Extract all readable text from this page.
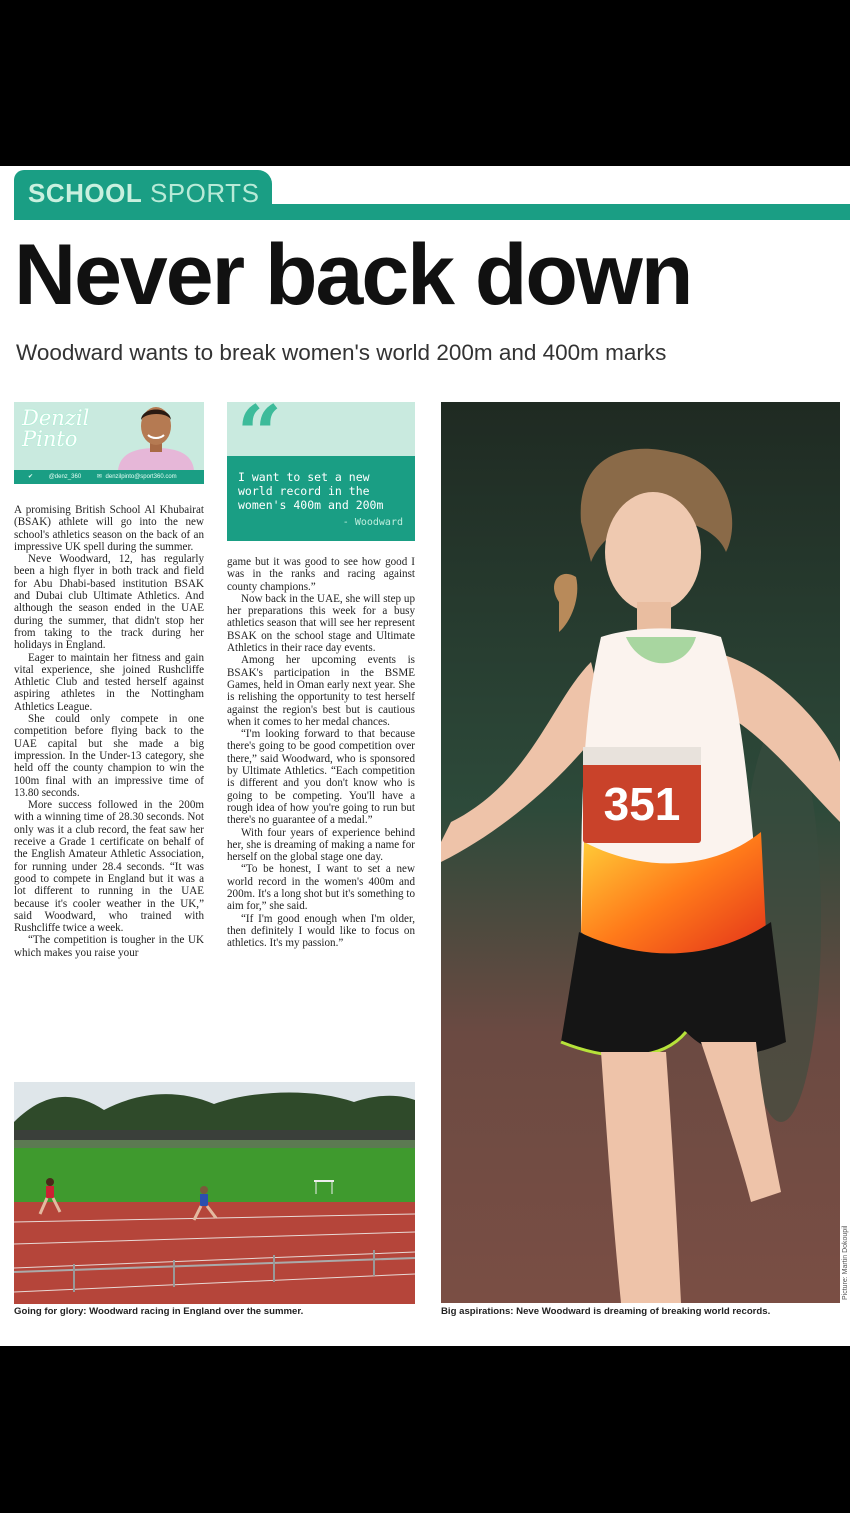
SCHOOL SPORTS
Never back down
Woodward wants to break women's world 200m and 400m marks
Denzil
Pinto
✔	@denz_360	✉ denzilpinto@sport360.com “
I want to set a new world record in the women's 400m and 200m
- Woodward

A promising British School Al Khubairat (BSAK) athlete will go into the new school's athletics season on the back of an impressive UK spell during the summer.

Neve Woodward, 12, has regularly been a high flyer in both track and field for Abu Dhabi-based institution BSAK and Dubai club Ultimate Athletics. And although the season ended in the UAE during the summer, that didn't stop her from taking to the track during her holidays in England.

Eager to maintain her fitness and gain vital experience, she joined Rushcliffe Athletic Club and tested herself against aspiring athletes in the Nottingham Athletics League.

She could only compete in one competition before flying back to the UAE capital but she made a big impression. In the Under-13 category, she held off the county champion to win the 100m final with an impressive time of 13.80 seconds.

More success followed in the 200m with a winning time of 28.30 seconds. Not only was it a club record, the feat saw her receive a Grade 1 certificate on behalf of the English Amateur Athletic Association, for running under 28.4 seconds. “It was good to compete in England but it was a lot different to running in the UAE because it's cooler weather in the UK,” said Woodward, who trained with Rushcliffe twice a week.

“The competition is tougher in the UK which makes you raise your

game but it was good to see how good I was in the ranks and racing against county champions.”

Now back in the UAE, she will step up her preparations this week for a busy athletics season that will see her represent BSAK on the school stage and Ultimate Athletics in their race day events.

Among her upcoming events is BSAK's participation in the BSME Games, held in Oman early next year. She is relishing the opportunity to test herself against the region's best but is cautious when it comes to her medal chances.

“I'm looking forward to that because there's going to be good competition over there,” said Woodward, who is sponsored by Ultimate Athletics. “Each competition is different and you don't know who is going to be competing. You'll have a rough idea of how you're going to run but there's no guarantee of a medal.”

With four years of experience behind her, she is dreaming of making a name for herself on the global stage one day.

“To be honest, I want to set a new world record in the women's 400m and 200m. It's a long shot but it's something to aim for,” she said.

“If I'm good enough when I'm older, then definitely I would like to focus on athletics. It's my passion.”

351
Going for glory: Woodward racing in England over the summer.	Big aspirations: Neve Woodward is dreaming of breaking world records.
Picture: Martin Dokoupil
